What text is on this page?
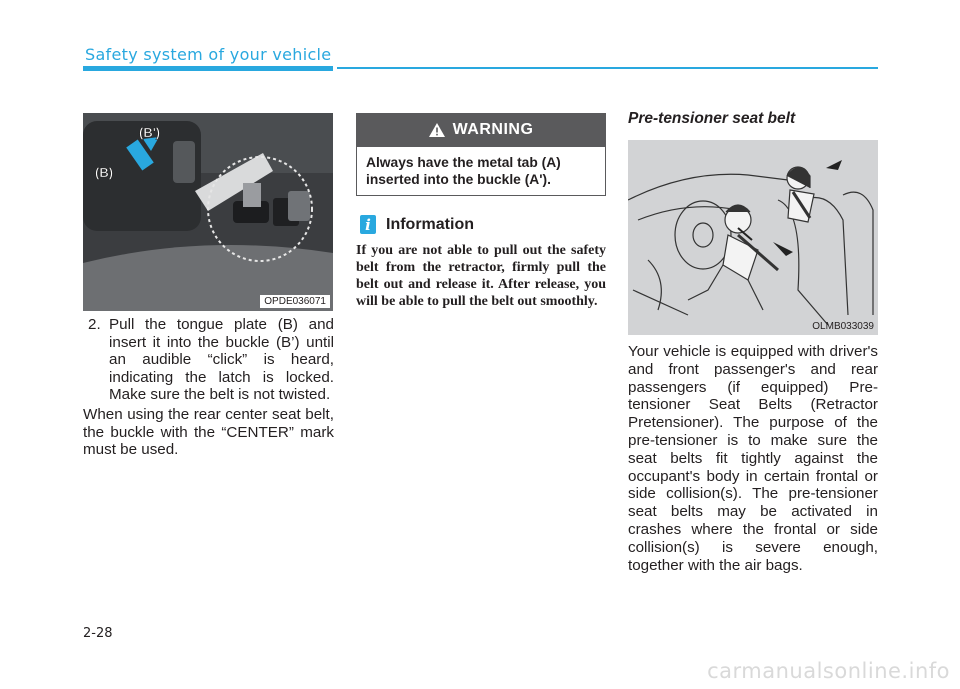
Safety system of your vehicle
(B')
(B)
OPDE036071
2. Pull the tongue plate (B) and insert it into the buckle (B’) until an audible “click” is heard, indicating the latch is locked. Make sure the belt is not twisted.
When using the rear center seat belt, the buckle with the “CENTER” mark must be used.
WARNING
Always have the metal tab (A) inserted into the buckle (A').
i Information
If you are not able to pull out the safety belt from the retractor, firmly pull the belt out and release it. After release, you will be able to pull the belt out smoothly.
Pre-tensioner seat belt
OLMB033039
Your vehicle is equipped with driver's and front passenger's and rear passengers (if equipped) Pre-tensioner Seat Belts (Retractor Pretensioner). The purpose of the pre-tensioner is to make sure the seat belts fit tightly against the occupant's body in certain frontal or side collision(s). The pre-tensioner seat belts may be activated in crashes where the frontal or side collision(s) is severe enough, together with the air bags.
2-28
carmanualsonline.info
